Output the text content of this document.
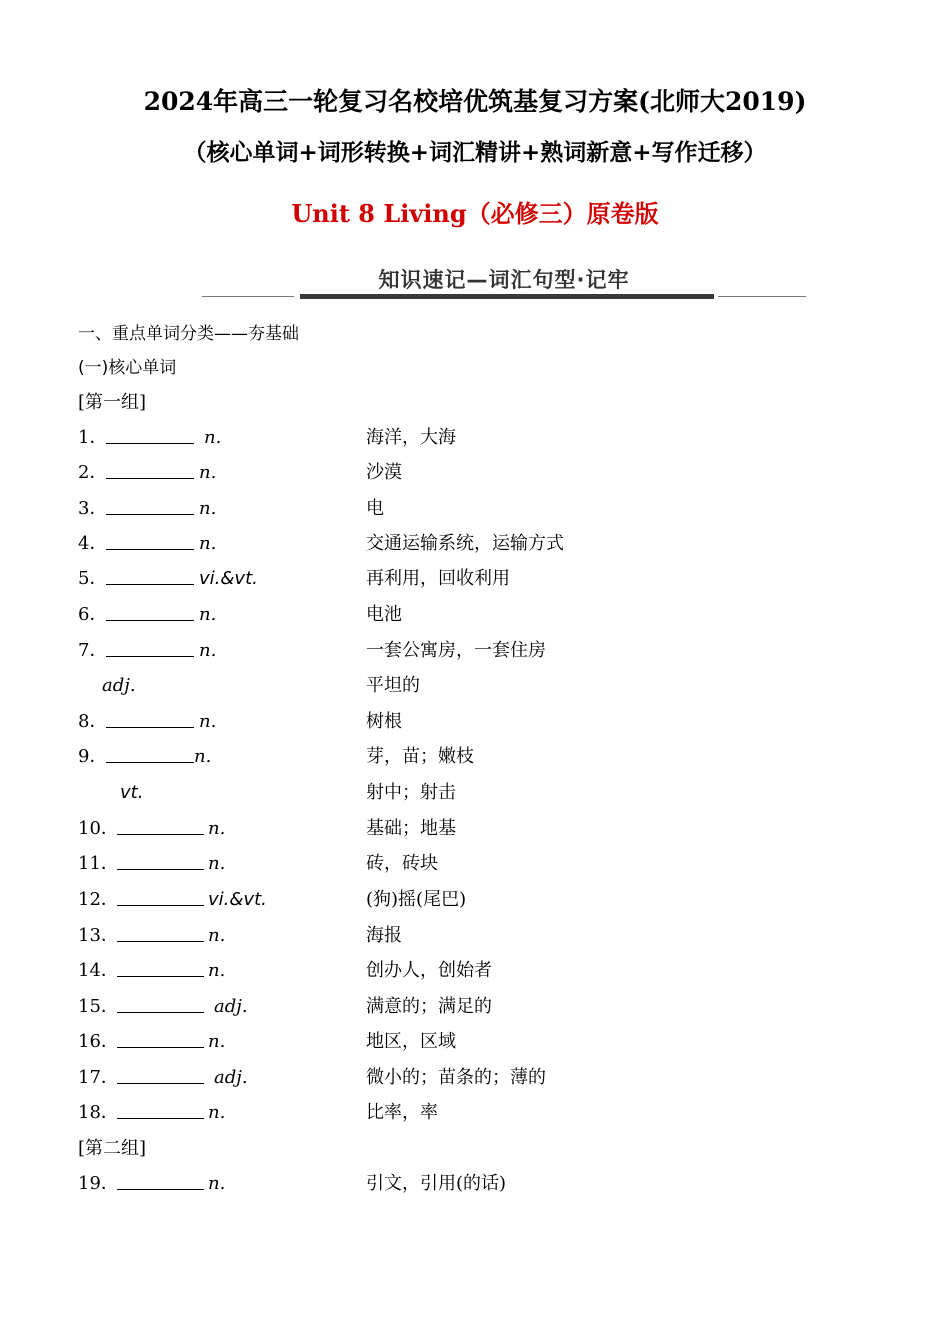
2024年高三一轮复习名校培优筑基复习方案(北师大2019)
（核心单词+词形转换+词汇精讲+熟词新意+写作迁移）
Unit 8 Living（必修三）原卷版
知识速记—词汇句型·记牢
一、重点单词分类——夯基础
(一)核心单词
[第一组]
1．	n.	海洋，大海
2．	n.	沙漠
3．	n.	电
4．	n.	交通运输系统，运输方式
5．	vi.&vt.	再利用，回收利用
6．	n.	电池
7．	n.	一套公寓房，一套住房
adj.	平坦的
8．	n.	树根
9．	n.	芽，苗；嫩枝
vt.	射中；射击
10．	n.	基础；地基
11．	n.	砖，砖块
12．	vi.&vt.	(狗)摇(尾巴)
13．	n.	海报
14．	n.	创办人，创始者
15．	adj.	满意的；满足的
16．	n.	地区，区域
17．	adj.	微小的；苗条的；薄的
18．	n.	比率，率
[第二组]
19．	n.	引文，引用(的话)
